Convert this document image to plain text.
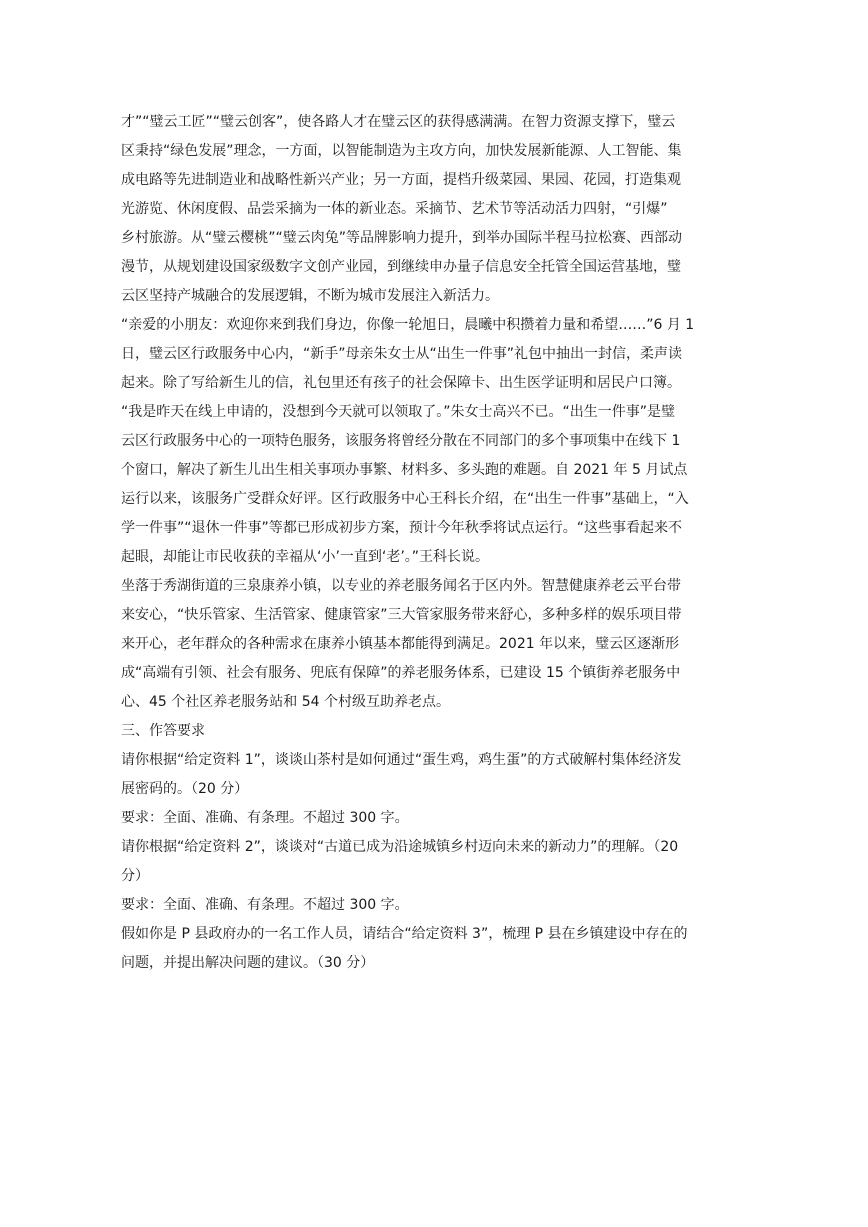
才”“璧云工匠”“璧云创客”，使各路人才在璧云区的获得感满满。在智力资源支撑下，璧云
区秉持“绿色发展”理念，一方面，以智能制造为主攻方向，加快发展新能源、人工智能、集
成电路等先进制造业和战略性新兴产业；另一方面，提档升级菜园、果园、花园，打造集观
光游览、休闲度假、品尝采摘为一体的新业态。采摘节、艺术节等活动活力四射，“引爆”
乡村旅游。从“璧云樱桃”“璧云肉兔”等品牌影响力提升，到举办国际半程马拉松赛、西部动
漫节，从规划建设国家级数字文创产业园，到继续申办量子信息安全托管全国运营基地，璧
云区坚持产城融合的发展逻辑，不断为城市发展注入新活力。
“亲爱的小朋友：欢迎你来到我们身边，你像一轮旭日，晨曦中积攒着力量和希望……”6 月 1
日，璧云区行政服务中心内，“新手”母亲朱女士从“出生一件事”礼包中抽出一封信，柔声读
起来。除了写给新生儿的信，礼包里还有孩子的社会保障卡、出生医学证明和居民户口簿。
“我是昨天在线上申请的，没想到今天就可以领取了。”朱女士高兴不已。“出生一件事”是璧
云区行政服务中心的一项特色服务，该服务将曾经分散在不同部门的多个事项集中在线下 1
个窗口，解决了新生儿出生相关事项办事繁、材料多、多头跑的难题。自 2021 年 5 月试点
运行以来，该服务广受群众好评。区行政服务中心王科长介绍，在“出生一件事”基础上，“入
学一件事”“退休一件事”等都已形成初步方案，预计今年秋季将试点运行。“这些事看起来不
起眼，却能让市民收获的幸福从‘小’一直到‘老’。”王科长说。
坐落于秀湖街道的三泉康养小镇，以专业的养老服务闻名于区内外。智慧健康养老云平台带
来安心，“快乐管家、生活管家、健康管家”三大管家服务带来舒心，多种多样的娱乐项目带
来开心，老年群众的各种需求在康养小镇基本都能得到满足。2021 年以来，璧云区逐渐形
成“高端有引领、社会有服务、兜底有保障”的养老服务体系，已建设 15 个镇街养老服务中
心、45 个社区养老服务站和 54 个村级互助养老点。
三、作答要求
请你根据“给定资料 1”，谈谈山茶村是如何通过“蛋生鸡，鸡生蛋”的方式破解村集体经济发
展密码的。（20 分）
要求：全面、准确、有条理。不超过 300 字。
请你根据“给定资料 2”，谈谈对“古道已成为沿途城镇乡村迈向未来的新动力”的理解。（20
分）
要求：全面、准确、有条理。不超过 300 字。
假如你是 P 县政府办的一名工作人员，请结合“给定资料 3”，梳理 P 县在乡镇建设中存在的
问题，并提出解决问题的建议。（30 分）
